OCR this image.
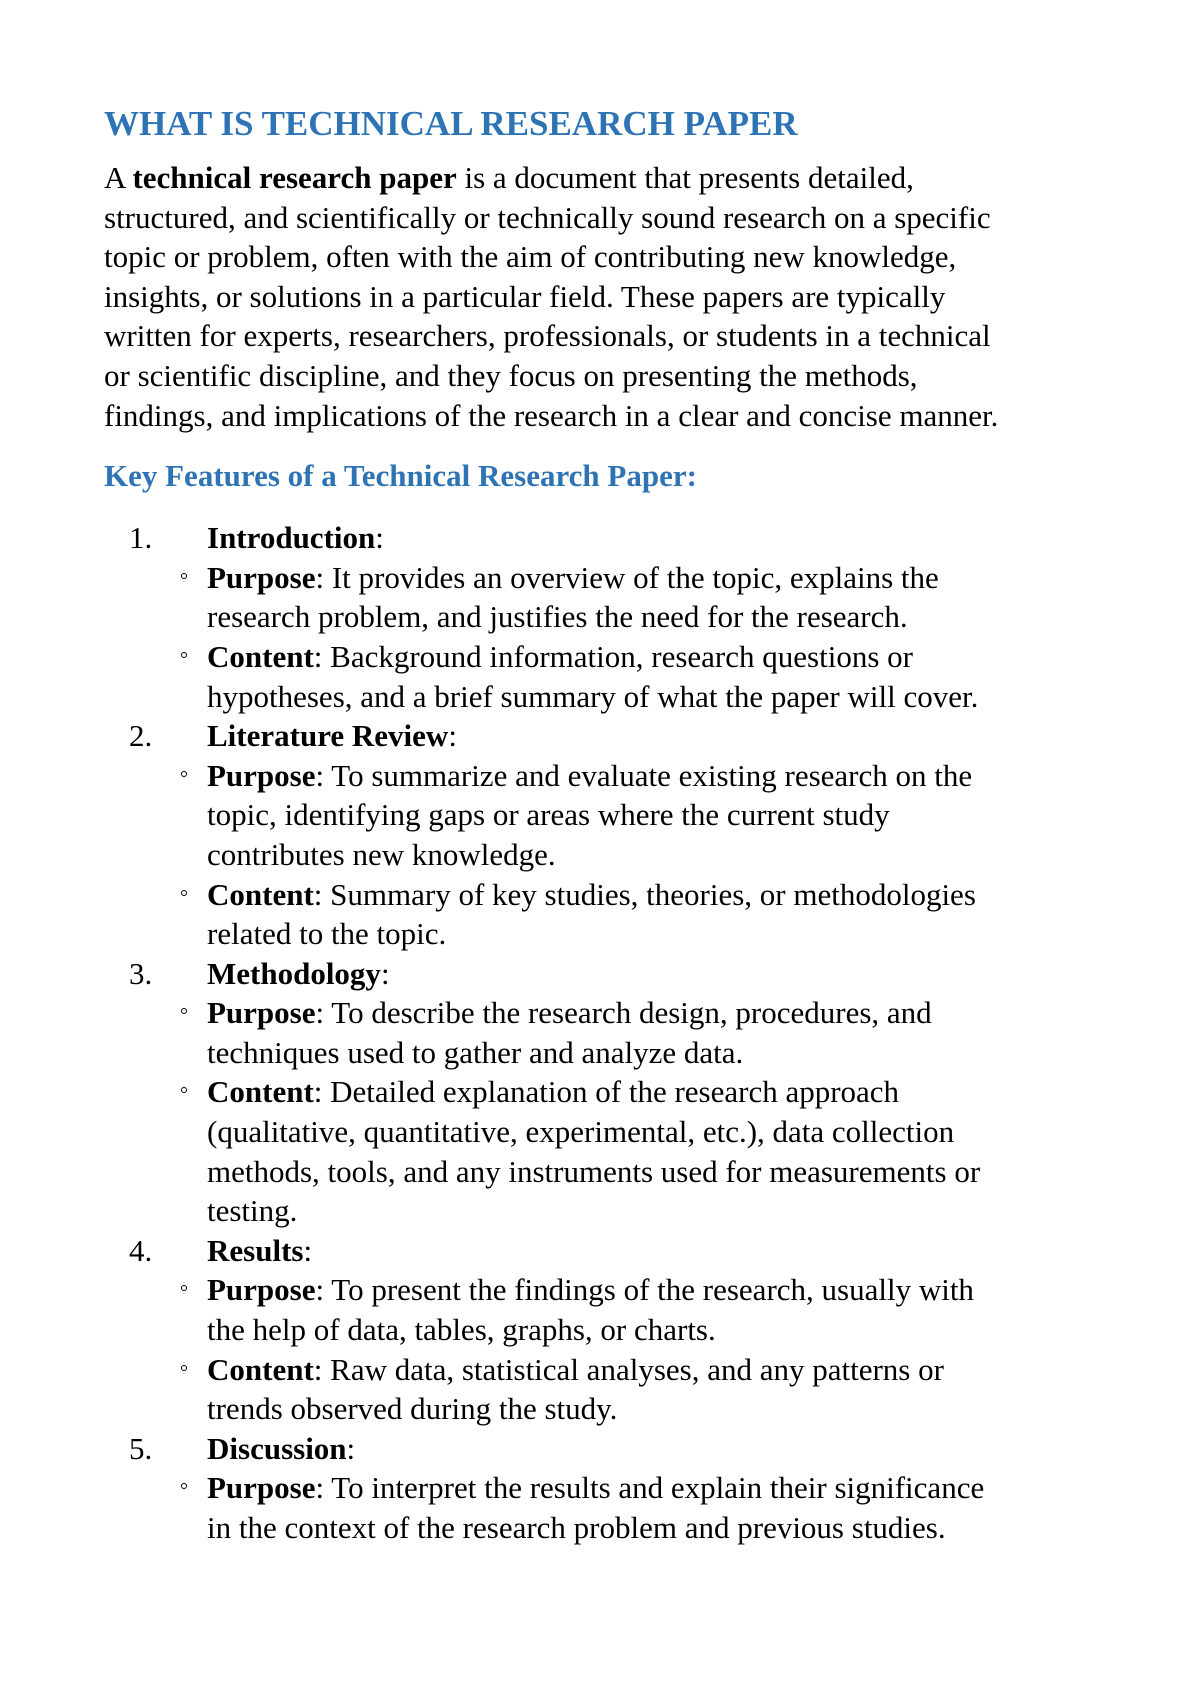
WHAT IS TECHNICAL RESEARCH PAPER

A technical research paper is a document that presents detailed,
structured, and scientifically or technically sound research on a specific
topic or problem, often with the aim of contributing new knowledge,
insights, or solutions in a particular field. These papers are typically
written for experts, researchers, professionals, or students in a technical
or scientific discipline, and they focus on presenting the methods,
findings, and implications of the research in a clear and concise manner.

Key Features of a Technical Research Paper:
1. Introduction:
Purpose: It provides an overview of the topic, explains the research problem, and justifies the need for the research.
Content: Background information, research questions or hypotheses, and a brief summary of what the paper will cover.
2. Literature Review:
Purpose: To summarize and evaluate existing research on the topic, identifying gaps or areas where the current study contributes new knowledge.
Content: Summary of key studies, theories, or methodologies related to the topic.
3. Methodology:
Purpose: To describe the research design, procedures, and techniques used to gather and analyze data.
Content: Detailed explanation of the research approach (qualitative, quantitative, experimental, etc.), data collection methods, tools, and any instruments used for measurements or testing.
4. Results:
Purpose: To present the findings of the research, usually with the help of data, tables, graphs, or charts.
Content: Raw data, statistical analyses, and any patterns or trends observed during the study.
5. Discussion:
Purpose: To interpret the results and explain their significance in the context of the research problem and previous studies.
